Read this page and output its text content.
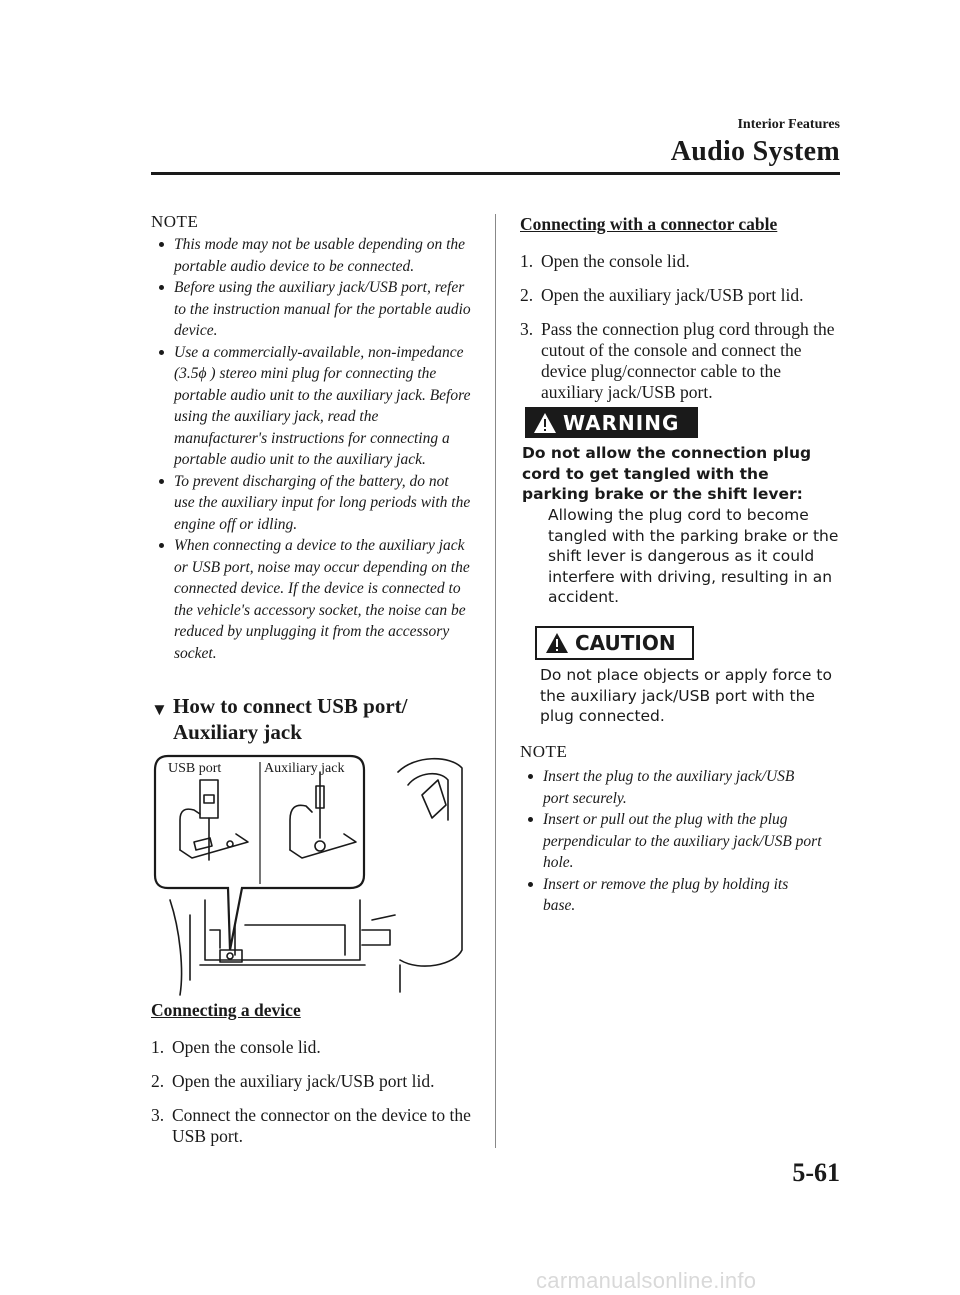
Interior Features
Audio System
NOTE
This mode may not be usable depending on the portable audio device to be connected.
Before using the auxiliary jack/USB port, refer to the instruction manual for the portable audio device.
Use a commercially-available, non-impedance (3.5ϕ ) stereo mini plug for connecting the portable audio unit to the auxiliary jack. Before using the auxiliary jack, read the manufacturer's instructions for connecting a portable audio unit to the auxiliary jack.
To prevent discharging of the battery, do not use the auxiliary input for long periods with the engine off or idling.
When connecting a device to the auxiliary jack or USB port, noise may occur depending on the connected device. If the device is connected to the vehicle's accessory socket, the noise can be reduced by unplugging it from the accessory socket.
▼ How to connect USB port/
Auxiliary jack
USB port	Auxiliary jack
Connecting a device
1. Open the console lid.
2. Open the auxiliary jack/USB port lid.
3. Connect the connector on the device to the USB port.
Connecting with a connector cable
1. Open the console lid.
2. Open the auxiliary jack/USB port lid.
3. Pass the connection plug cord through the cutout of the console and connect the device plug/connector cable to the auxiliary jack/USB port.
WARNING
Do not allow the connection plug cord to get tangled with the parking brake or the shift lever:
Allowing the plug cord to become tangled with the parking brake or the shift lever is dangerous as it could interfere with driving, resulting in an accident.
CAUTION
Do not place objects or apply force to the auxiliary jack/USB port with the plug connected.
NOTE
Insert the plug to the auxiliary jack/USB port securely.
Insert or pull out the plug with the plug perpendicular to the auxiliary jack/USB port hole.
Insert or remove the plug by holding its base.
5-61
carmanualsonline.info
